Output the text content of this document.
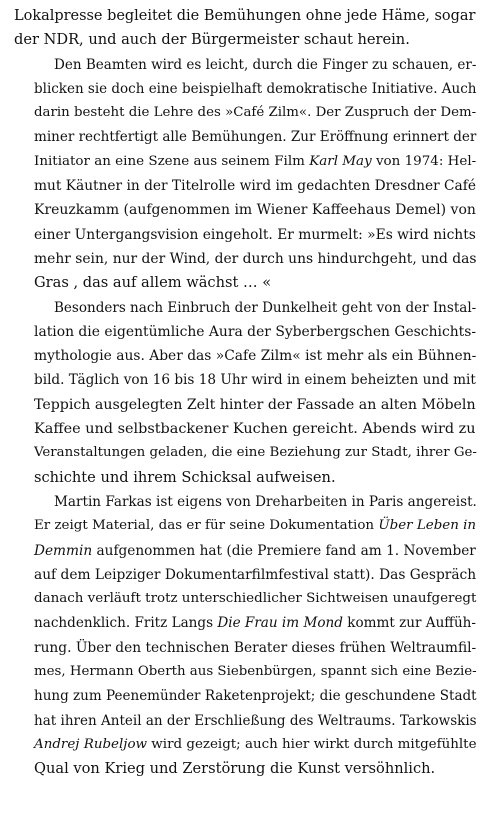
Lokalpresse begleitet die Bemühungen ohne jede Häme, sogar
der NDR, und auch der Bürgermeister schaut herein.
Den Beamten wird es leicht, durch die Finger zu schauen, er-
blicken sie doch eine beispielhaft demokratische Initiative. Auch
darin besteht die Lehre des »Café Zilm«. Der Zuspruch der Dem-
miner rechtfertigt alle Bemühungen. Zur Eröffnung erinnert der
Initiator an eine Szene aus seinem Film Karl May von 1974: Hel-
mut Käutner in der Titelrolle wird im gedachten Dresdner Café
Kreuzkamm (aufgenommen im Wiener Kaffeehaus Demel) von
einer Untergangsvision eingeholt. Er murmelt: »Es wird nichts
mehr sein, nur der Wind, der durch uns hindurchgeht, und das
Gras , das auf allem wächst … «
Besonders nach Einbruch der Dunkelheit geht von der Instal-
lation die eigentümliche Aura der Syberbergschen Geschichts-
mythologie aus. Aber das »Cafe Zilm« ist mehr als ein Bühnen-
bild. Täglich von 16 bis 18 Uhr wird in einem beheizten und mit
Teppich ausgelegten Zelt hinter der Fassade an alten Möbeln
Kaffee und selbstbackener Kuchen gereicht. Abends wird zu
Veranstaltungen geladen, die eine Beziehung zur Stadt, ihrer Ge-
schichte und ihrem Schicksal aufweisen.
Martin Farkas ist eigens von Dreharbeiten in Paris angereist.
Er zeigt Material, das er für seine Dokumentation Über Leben in
Demmin aufgenommen hat (die Premiere fand am 1. November
auf dem Leipziger Dokumentarfilmfestival statt). Das Gespräch
danach verläuft trotz unterschiedlicher Sichtweisen unaufgeregt
nachdenklich. Fritz Langs Die Frau im Mond kommt zur Auffüh-
rung. Über den technischen Berater dieses frühen Weltraumfil-
mes, Hermann Oberth aus Siebenbürgen, spannt sich eine Bezie-
hung zum Peenemünder Raketenprojekt; die geschundene Stadt
hat ihren Anteil an der Erschließung des Weltraums. Tarkowskis
Andrej Rubeljow wird gezeigt; auch hier wirkt durch mitgefühlte
Qual von Krieg und Zerstörung die Kunst versöhnlich.
